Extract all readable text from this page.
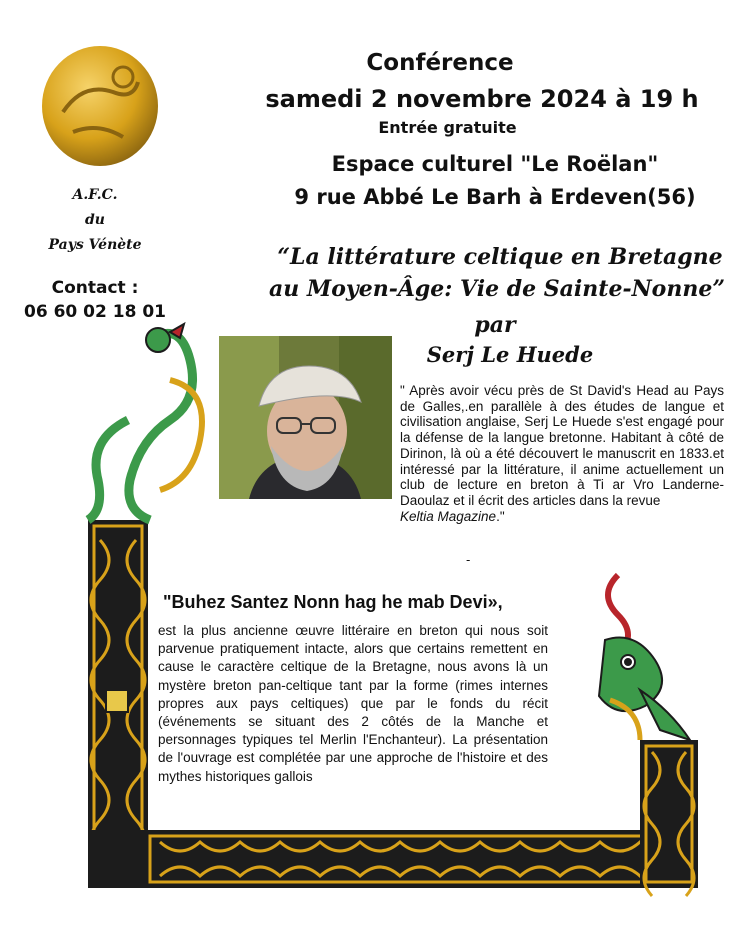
A.F.C.
du
Pays Vénète
Contact :
06 60 02 18 01
Conférence
samedi 2 novembre 2024 à 19 h
Entrée gratuite
Espace culturel "Le Roëlan"
9 rue Abbé Le Barh à Erdeven(56)
“La littérature celtique en Bretagne
au Moyen-Âge: Vie de Sainte-Nonne”
par
Serj Le Huede
" Après avoir vécu près de St David's Head au Pays de Galles,.en parallèle à des études de langue et civilisation anglaise, Serj Le Huede s'est engagé pour la défense de la langue bretonne. Habitant à côté de Dirinon, là où a été découvert le manuscrit en 1833.et intéressé par la littérature, il anime actuellement un club de lecture en breton à Ti ar Vro Landerne-Daoulaz et il écrit des articles dans la revue
Keltia Magazine."
-
"Buhez Santez Nonn hag he mab Devi»,
est la plus ancienne œuvre littéraire en breton qui nous soit parvenue pratiquement intacte, alors que certains remettent en cause le caractère celtique de la Bretagne, nous avons là un mystère breton pan-celtique tant par la forme (rimes internes propres aux pays celtiques) que par le fonds du récit (événements se situant des 2 côtés de la Manche et personnages typiques tel Merlin l'Enchanteur). La présentation de l'ouvrage est complétée par une approche de l'histoire et des mythes historiques gallois
